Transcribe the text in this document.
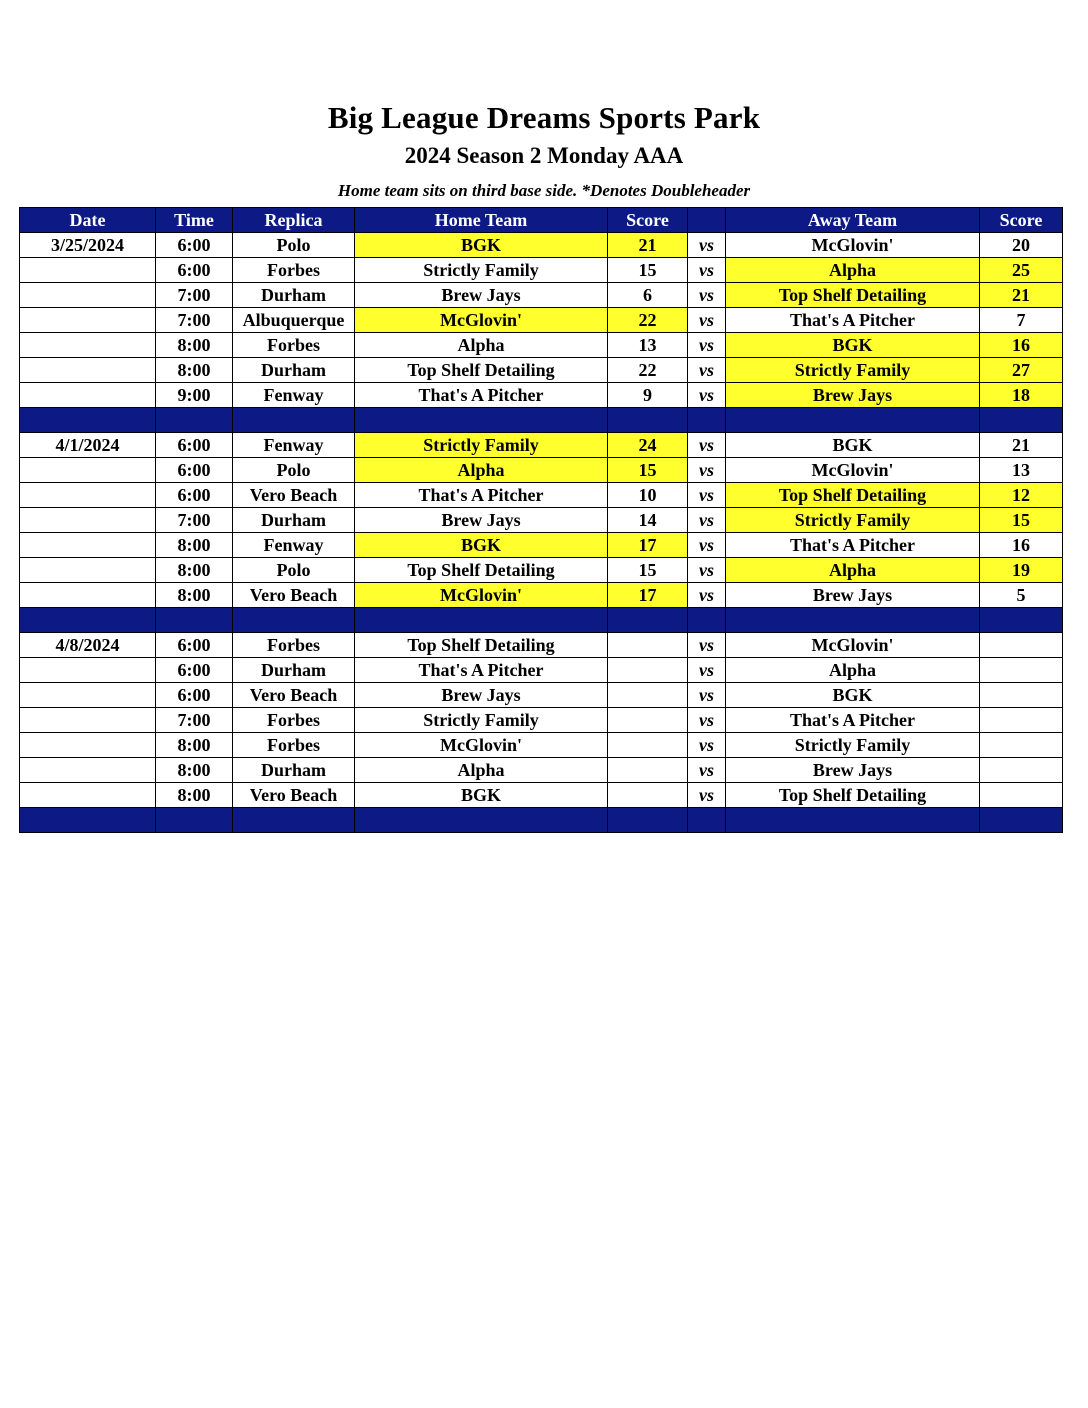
Big League Dreams Sports Park
2024 Season 2 Monday AAA
Home team sits on third base side. *Denotes Doubleheader
Date	Time	Replica	Home Team	Score		Away Team	Score
3/25/2024	6:00	Polo	BGK	21	vs	McGlovin'	20
	6:00	Forbes	Strictly Family	15	vs	Alpha	25
	7:00	Durham	Brew Jays	6	vs	Top Shelf Detailing	21
	7:00	Albuquerque	McGlovin'	22	vs	That's A Pitcher	7
	8:00	Forbes	Alpha	13	vs	BGK	16
	8:00	Durham	Top Shelf Detailing	22	vs	Strictly Family	27
	9:00	Fenway	That's A Pitcher	9	vs	Brew Jays	18

4/1/2024	6:00	Fenway	Strictly Family	24	vs	BGK	21
	6:00	Polo	Alpha	15	vs	McGlovin'	13
	6:00	Vero Beach	That's A Pitcher	10	vs	Top Shelf Detailing	12
	7:00	Durham	Brew Jays	14	vs	Strictly Family	15
	8:00	Fenway	BGK	17	vs	That's A Pitcher	16
	8:00	Polo	Top Shelf Detailing	15	vs	Alpha	19
	8:00	Vero Beach	McGlovin'	17	vs	Brew Jays	5

4/8/2024	6:00	Forbes	Top Shelf Detailing		vs	McGlovin'	
	6:00	Durham	That's A Pitcher		vs	Alpha	
	6:00	Vero Beach	Brew Jays		vs	BGK	
	7:00	Forbes	Strictly Family		vs	That's A Pitcher	
	8:00	Forbes	McGlovin'		vs	Strictly Family	
	8:00	Durham	Alpha		vs	Brew Jays	
	8:00	Vero Beach	BGK		vs	Top Shelf Detailing	
